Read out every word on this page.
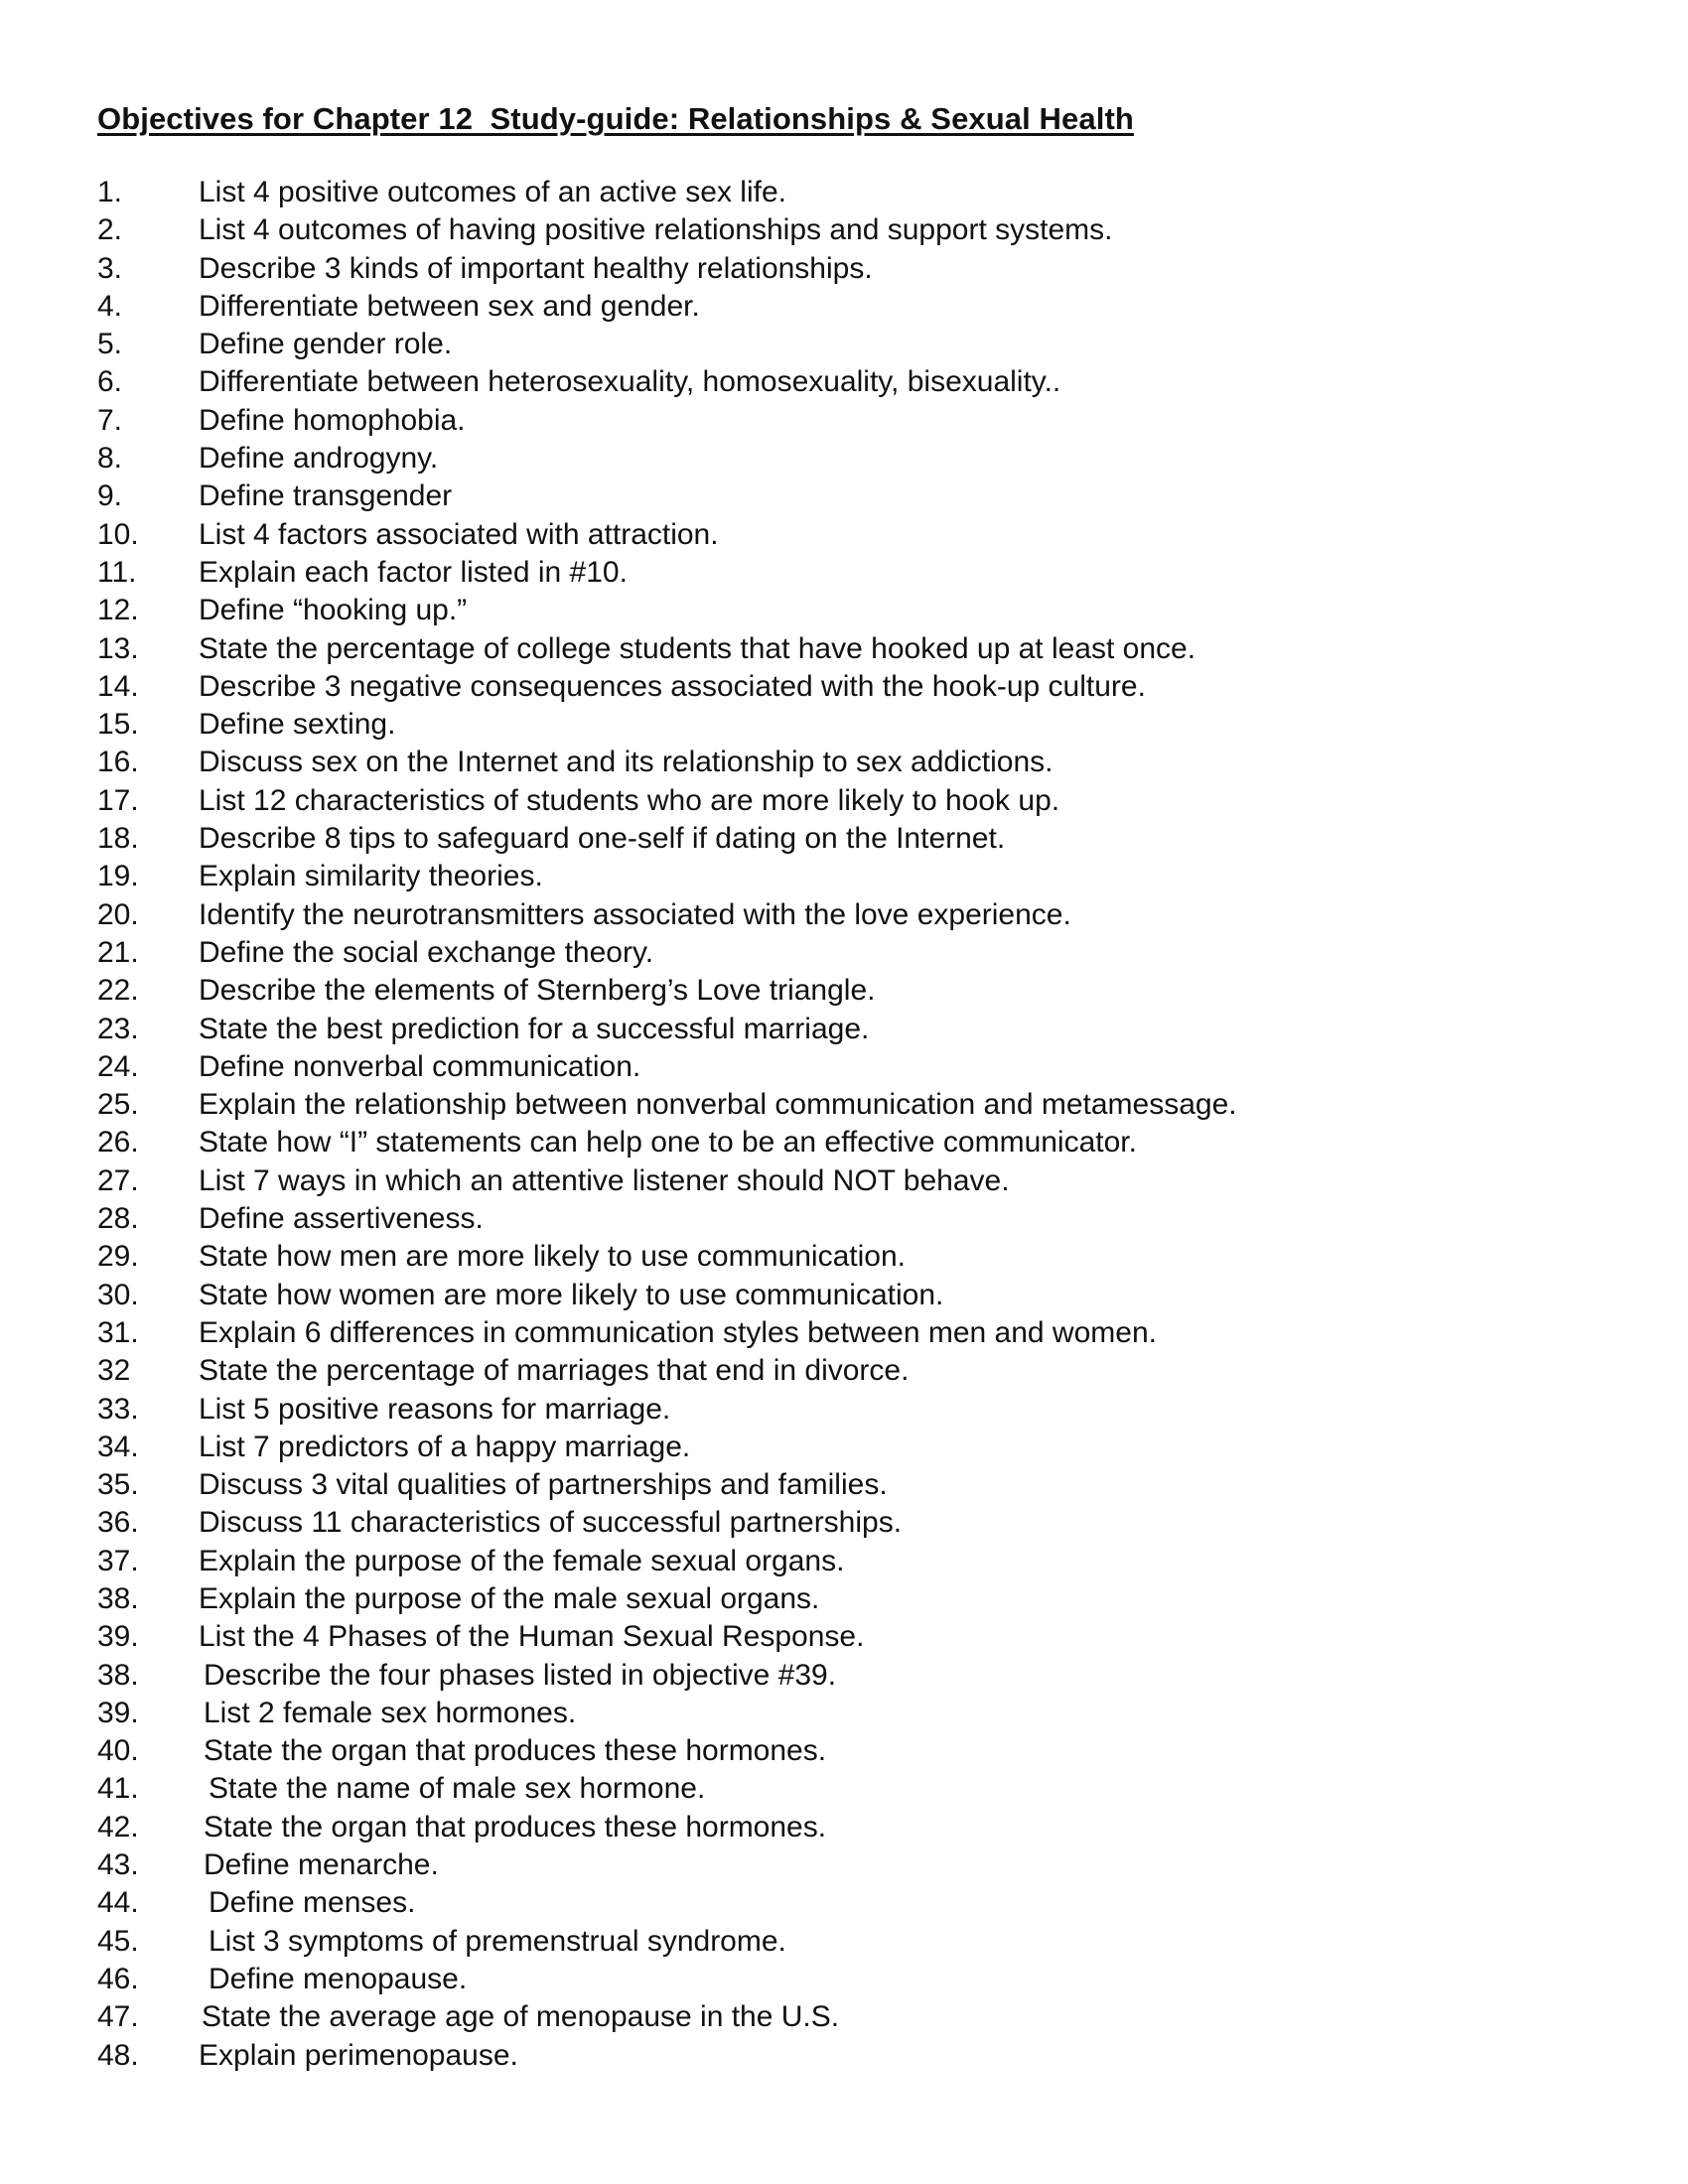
Objectives for Chapter 12  Study-guide: Relationships & Sexual Health
1.	List 4 positive outcomes of an active sex life.
2.	List 4 outcomes of having positive relationships and support systems.
3.	Describe 3 kinds of important healthy relationships.
4.	Differentiate between sex and gender.
5.	Define gender role.
6.	Differentiate between heterosexuality, homosexuality, bisexuality..
7.	Define homophobia.
8.	Define androgyny.
9.	Define transgender
10.	List 4 factors associated with attraction.
11.	Explain each factor listed in #10.
12.	Define “hooking up.”
13.	State the percentage of college students that have hooked up at least once.
14.	Describe 3 negative consequences associated with the hook-up culture.
15.	Define sexting.
16.	Discuss sex on the Internet and its relationship to sex addictions.
17.	List 12 characteristics of students who are more likely to hook up.
18.	Describe 8 tips to safeguard one-self if dating on the Internet.
19.	Explain similarity theories.
20.	Identify the neurotransmitters associated with the love experience.
21.	Define the social exchange theory.
22.	Describe the elements of Sternberg’s Love triangle.
23.	State the best prediction for a successful marriage.
24.	Define nonverbal communication.
25.	Explain the relationship between nonverbal communication and metamessage.
26.	State how “I” statements can help one to be an effective communicator.
27.	List 7 ways in which an attentive listener should NOT behave.
28.	Define assertiveness.
29.	State how men are more likely to use communication.
30.	State how women are more likely to use communication.
31.	Explain 6 differences in communication styles between men and women.
32	State the percentage of marriages that end in divorce.
33.	List 5 positive reasons for marriage.
34.	List 7 predictors of a happy marriage.
35.	Discuss 3 vital qualities of partnerships and families.
36.	Discuss 11 characteristics of successful partnerships.
37.	Explain the purpose of the female sexual organs.
38.	Explain the purpose of the male sexual organs.
39.	List the 4 Phases of the Human Sexual Response.
38.	Describe the four phases listed in objective #39.
39.	List 2 female sex hormones.
40.	State the organ that produces these hormones.
41.	State the name of male sex hormone.
42.	State the organ that produces these hormones.
43.	Define menarche.
44.	Define menses.
45.	List 3 symptoms of premenstrual syndrome.
46.	Define menopause.
47.	State the average age of menopause in the U.S.
48.	Explain perimenopause.
